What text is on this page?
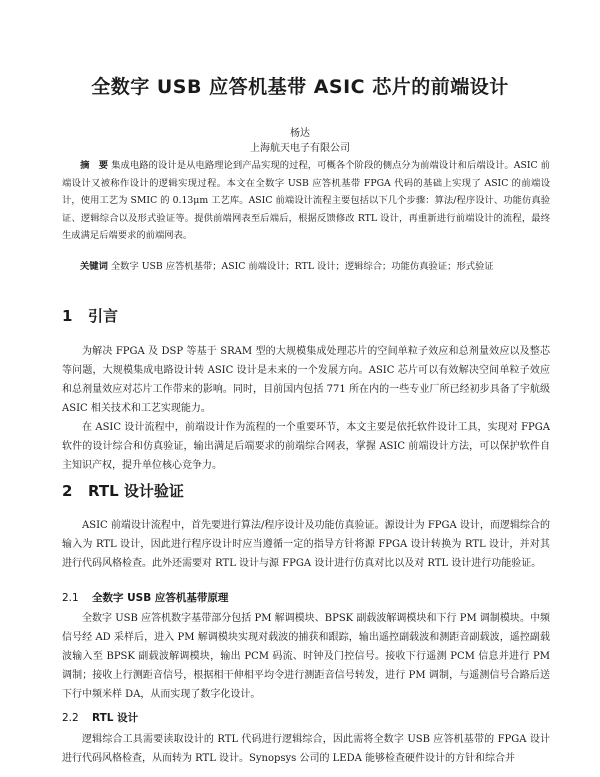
全数字 USB 应答机基带 ASIC 芯片的前端设计
杨达
上海航天电子有限公司
摘　要 集成电路的设计是从电路理论到产品实现的过程，可概各个阶段的侧点分为前端设计和后端设计。ASIC 前端设计又被称作设计的逻辑实现过程。本文在全数字 USB 应答机基带 FPGA 代码的基础上实现了 ASIC 的前端设计，使用工艺为 SMIC 的 0.13μm 工艺库。ASIC 前端设计流程主要包括以下几个步骤：算法/程序设计、功能仿真验证、逻辑综合以及形式验证等。提供前端网表至后端后，根据反馈修改 RTL 设计，再重新进行前端设计的流程，最终生成满足后端要求的前端网表。
关键词 全数字 USB 应答机基带；ASIC 前端设计；RTL 设计；逻辑综合；功能仿真验证；形式验证
1 引言
为解决 FPGA 及 DSP 等基于 SRAM 型的大规模集成处理芯片的空间单粒子效应和总剂量效应以及整芯等问题，大规模集成电路设计转 ASIC 设计是未来的一个发展方向。ASIC 芯片可以有效解决空间单粒子效应和总剂量效应对芯片工作带来的影响。同时，目前国内包括 771 所在内的一些专业厂所已经初步具备了宇航级 ASIC 相关技术和工艺实现能力。
在 ASIC 设计流程中，前端设计作为流程的一个重要环节，本文主要是依托软件设计工具，实现对 FPGA 软件的设计综合和仿真验证，输出满足后端要求的前端综合网表，掌握 ASIC 前端设计方法，可以保护软件自主知识产权，提升单位核心竞争力。
2 RTL 设计验证
ASIC 前端设计流程中，首先要进行算法/程序设计及功能仿真验证。源设计为 FPGA 设计，而逻辑综合的输入为 RTL 设计，因此进行程序设计时应当遵循一定的指导方针将源 FPGA 设计转换为 RTL 设计，并对其进行代码风格检查。此外还需要对 RTL 设计与源 FPGA 设计进行仿真对比以及对 RTL 设计进行功能验证。
2.1 全数字 USB 应答机基带原理
全数字 USB 应答机数字基带部分包括 PM 解调模块、BPSK 副载波解调模块和下行 PM 调制模块。中频信号经 AD 采样后，进入 PM 解调模块实现对载波的捕获和跟踪，输出遥控副载波和测距音副载波，遥控副载波输入至 BPSK 副载波解调模块，输出 PCM 码流、时钟及门控信号。接收下行遥测 PCM 信息并进行 PM 调制；接收上行测距音信号，根据相干伸相平均令进行测距音信号转发，进行 PM 调制，与遥测信号合路后送下行中频米样 DA，从而实现了数字化设计。
2.2 RTL 设计
逻辑综合工具需要读取设计的 RTL 代码进行逻辑综合，因此需将全数字 USB 应答机基带的 FPGA 设计进行代码风格检查，从而转为 RTL 设计。Synopsys 公司的 LEDA 能够检查硬件设计的方针和综合并
